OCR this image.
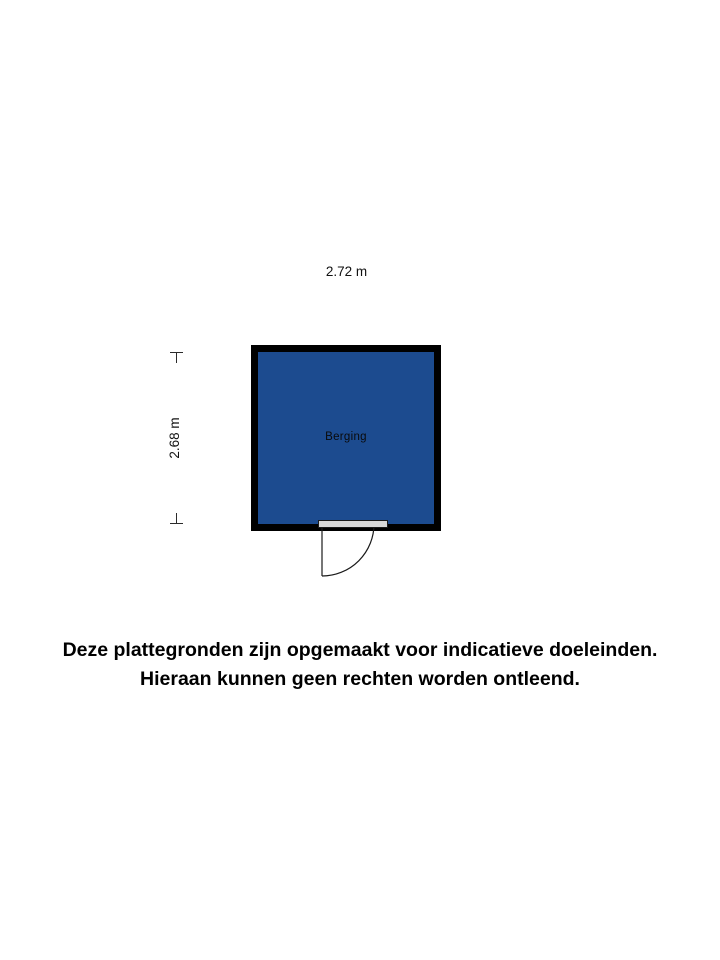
2.72 m
2.68 m	Berging
Deze plattegronden zijn opgemaakt voor indicatieve doeleinden.
Hieraan kunnen geen rechten worden ontleend.
